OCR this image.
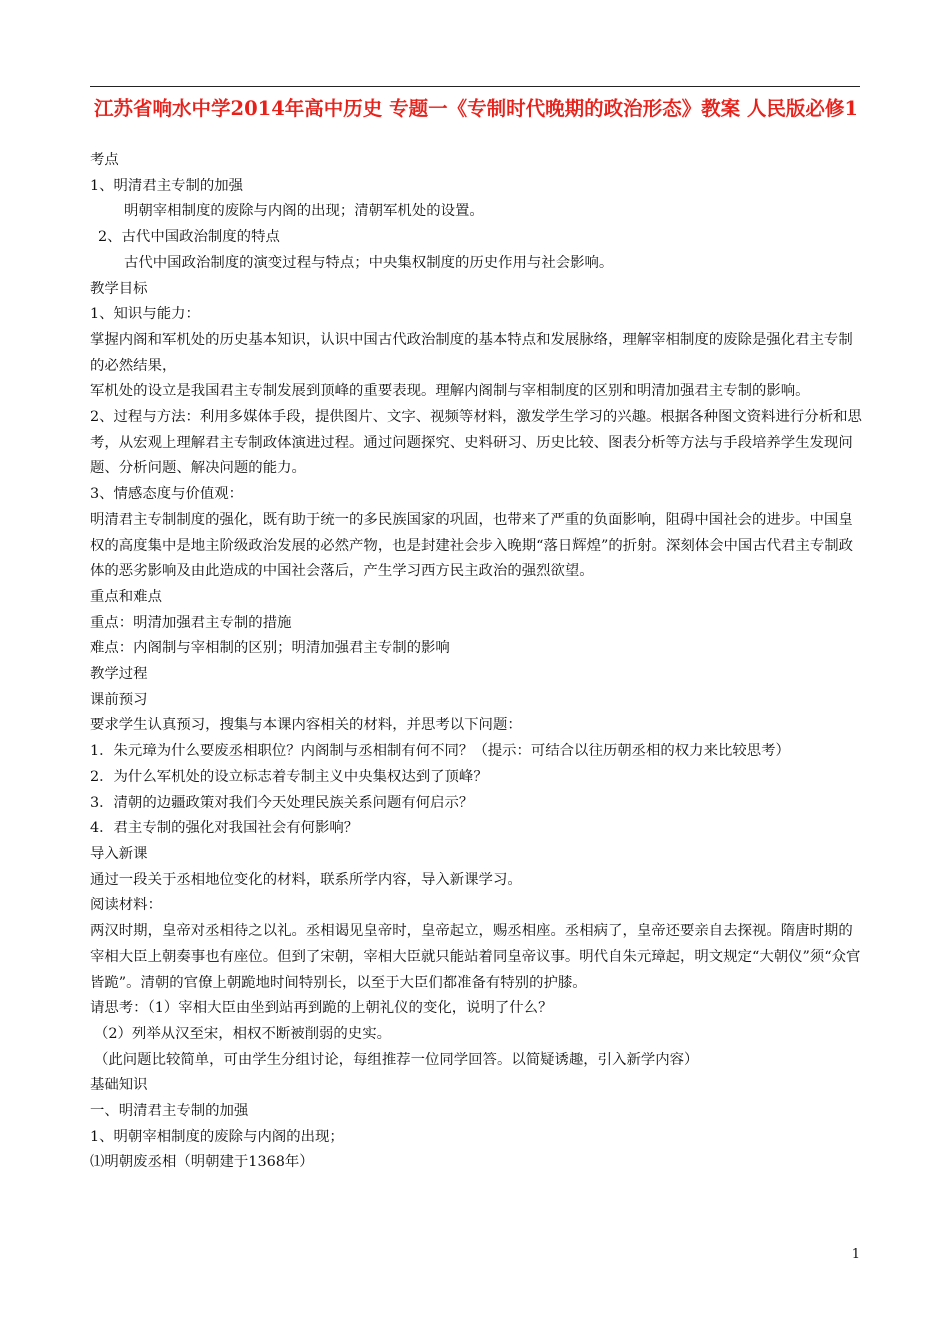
江苏省响水中学2014年高中历史 专题一《专制时代晚期的政治形态》教案 人民版必修1

考点

1、明清君主专制的加强

明朝宰相制度的废除与内阁的出现；清朝军机处的设置。

2、古代中国政治制度的特点

古代中国政治制度的演变过程与特点；中央集权制度的历史作用与社会影响。

教学目标

1、知识与能力：

掌握内阁和军机处的历史基本知识，认识中国古代政治制度的基本特点和发展脉络，理解宰相制度的废除是强化君主专制的必然结果，

军机处的设立是我国君主专制发展到顶峰的重要表现。理解内阁制与宰相制度的区别和明清加强君主专制的影响。

2、过程与方法：利用多媒体手段，提供图片、文字、视频等材料，激发学生学习的兴趣。根据各种图文资料进行分析和思考，从宏观上理解君主专制政体演进过程。通过问题探究、史料研习、历史比较、图表分析等方法与手段培养学生发现问题、分析问题、解决问题的能力。

3、情感态度与价值观：

明清君主专制制度的强化，既有助于统一的多民族国家的巩固，也带来了严重的负面影响，阻碍中国社会的进步。中国皇权的高度集中是地主阶级政治发展的必然产物，也是封建社会步入晚期“落日辉煌”的折射。深刻体会中国古代君主专制政体的恶劣影响及由此造成的中国社会落后，产生学习西方民主政治的强烈欲望。

重点和难点

重点：明清加强君主专制的措施

难点：内阁制与宰相制的区别；明清加强君主专制的影响

教学过程

课前预习

要求学生认真预习，搜集与本课内容相关的材料，并思考以下问题：

1．朱元璋为什么要废丞相职位？内阁制与丞相制有何不同？（提示：可结合以往历朝丞相的权力来比较思考）

2．为什么军机处的设立标志着专制主义中央集权达到了顶峰？

3．清朝的边疆政策对我们今天处理民族关系问题有何启示？

4．君主专制的强化对我国社会有何影响？

导入新课

通过一段关于丞相地位变化的材料，联系所学内容，导入新课学习。

阅读材料：

两汉时期，皇帝对丞相待之以礼。丞相谒见皇帝时，皇帝起立，赐丞相座。丞相病了，皇帝还要亲自去探视。隋唐时期的宰相大臣上朝奏事也有座位。但到了宋朝，宰相大臣就只能站着同皇帝议事。明代自朱元璋起，明文规定“大朝仪”须“众官皆跪”。清朝的官僚上朝跪地时间特别长，以至于大臣们都准备有特别的护膝。

请思考：（1）宰相大臣由坐到站再到跪的上朝礼仪的变化，说明了什么？

（2）列举从汉至宋，相权不断被削弱的史实。

（此问题比较简单，可由学生分组讨论，每组推荐一位同学回答。以简疑诱趣，引入新学内容）

基础知识

一、明清君主专制的加强

1、明朝宰相制度的废除与内阁的出现；

⑴明朝废丞相（明朝建于1368年）

1
